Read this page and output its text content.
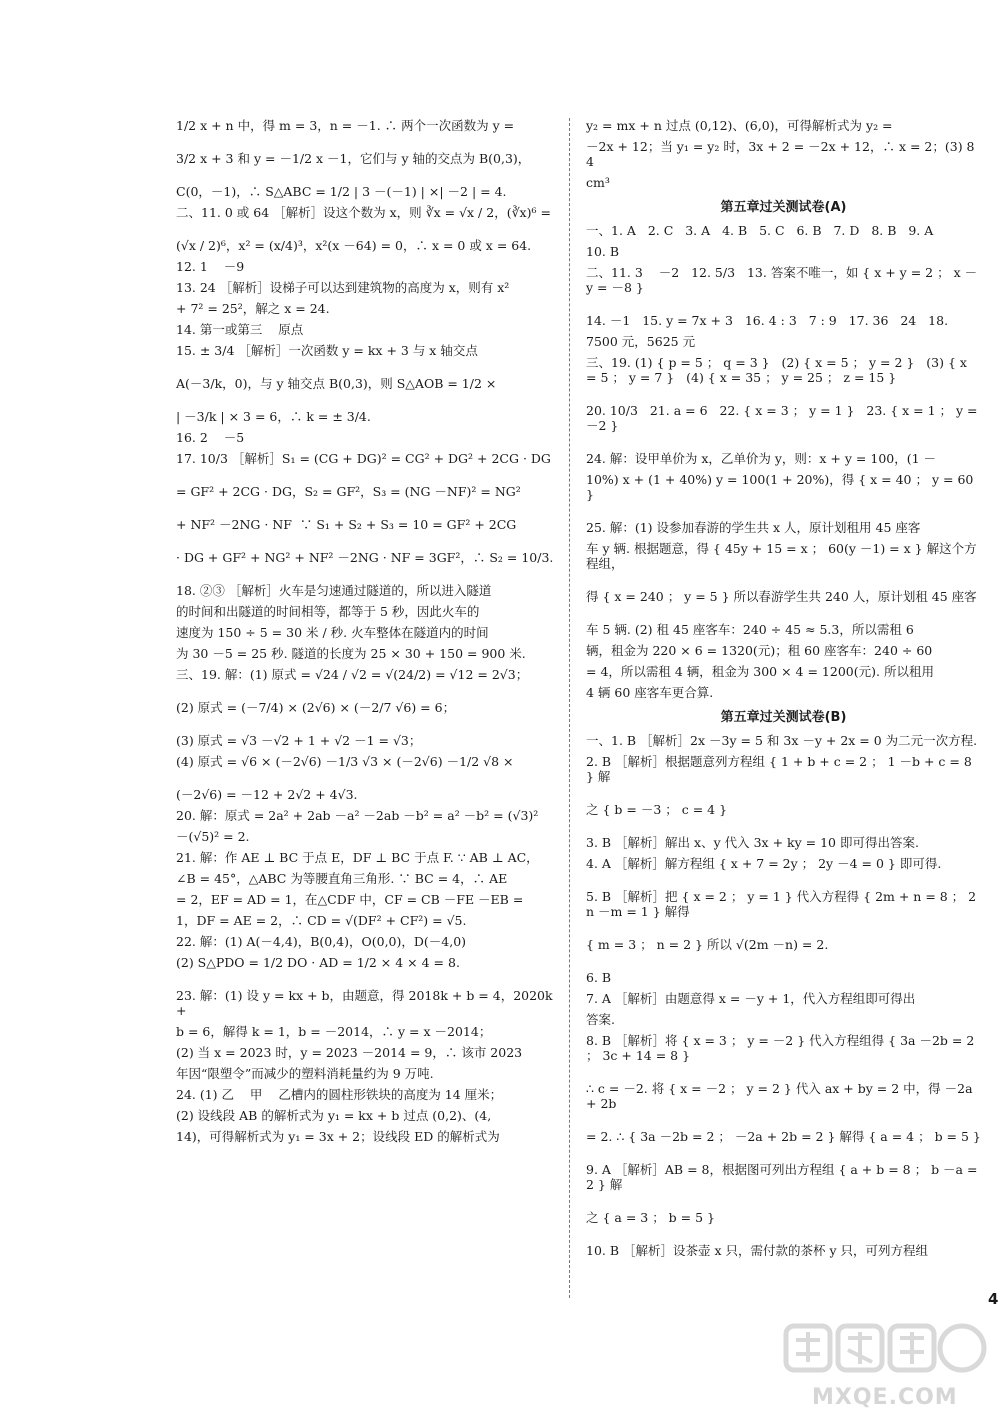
1/2 x + n 中，得 m = 3，n = －1. ∴ 两个一次函数为 y =
3/2 x + 3 和 y = －1/2 x －1，它们与 y 轴的交点为 B(0,3)，
C(0，－1)，∴ S△ABC = 1/2 | 3 －(－1) | ×| －2 | = 4.
二、11. 0 或 64 ［解析］设这个数为 x，则 ∛x = √x / 2，(∛x)⁶ =
(√x / 2)⁶，x² = (x/4)³，x²(x －64) = 0，∴ x = 0 或 x = 64.
12. 1    －9
13. 24 ［解析］设梯子可以达到建筑物的高度为 x，则有 x²
+ 7² = 25²，解之 x = 24.
14. 第一或第三    原点
15. ± 3/4 ［解析］一次函数 y = kx + 3 与 x 轴交点
A(－3/k，0)，与 y 轴交点 B(0,3)，则 S△AOB = 1/2 ×
| －3/k | × 3 = 6，∴ k = ± 3/4.
16. 2    －5
17. 10/3 ［解析］S₁ = (CG + DG)² = CG² + DG² + 2CG · DG
= GF² + 2CG · DG，S₂ = GF²，S₃ = (NG －NF)² = NG²
+ NF² －2NG · NF  ∵ S₁ + S₂ + S₃ = 10 = GF² + 2CG
· DG + GF² + NG² + NF² －2NG · NF = 3GF²，∴ S₂ = 10/3.
18. ②③ ［解析］火车是匀速通过隧道的，所以进入隧道
的时间和出隧道的时间相等，都等于 5 秒，因此火车的
速度为 150 ÷ 5 = 30 米 / 秒. 火车整体在隧道内的时间
为 30 －5 = 25 秒. 隧道的长度为 25 × 30 + 150 = 900 米.
三、19. 解：(1) 原式 = √24 / √2 = √(24/2) = √12 = 2√3；
(2) 原式 = (－7/4) × (2√6) × (－2/7 √6) = 6；
(3) 原式 = √3 －√2 + 1 + √2 －1 = √3；
(4) 原式 = √6 × (－2√6) －1/3 √3 × (－2√6) －1/2 √8 ×
(－2√6) = －12 + 2√2 + 4√3.
20. 解：原式 = 2a² + 2ab －a² －2ab －b² = a² －b² = (√3)²
－(√5)² = 2.
21. 解：作 AE ⊥ BC 于点 E，DF ⊥ BC 于点 F. ∵ AB ⊥ AC，
∠B = 45°，△ABC 为等腰直角三角形. ∵ BC = 4，∴ AE
= 2，EF = AD = 1，在△CDF 中，CF = CB －FE －EB =
1，DF = AE = 2，∴ CD = √(DF² + CF²) = √5.
22. 解：(1) A(－4,4)，B(0,4)，O(0,0)，D(－4,0)
(2) S△PDO = 1/2 DO · AD = 1/2 × 4 × 4 = 8.
23. 解：(1) 设 y = kx + b，由题意，得 2018k + b = 4，2020k +
b = 6，解得 k = 1，b = －2014，∴ y = x －2014；
(2) 当 x = 2023 时，y = 2023 －2014 = 9，∴ 该市 2023
年因“限塑令”而减少的塑料消耗量约为 9 万吨.
24. (1) 乙    甲    乙槽内的圆柱形铁块的高度为 14 厘米；
(2) 设线段 AB 的解析式为 y₁ = kx + b 过点 (0,2)、(4,
14)，可得解析式为 y₁ = 3x + 2；设线段 ED 的解析式为
y₂ = mx + n 过点 (0,12)、(6,0)，可得解析式为 y₂ =
－2x + 12；当 y₁ = y₂ 时，3x + 2 = －2x + 12，∴ x = 2；(3) 84
cm³
第五章过关测试卷(A)
一、1. A   2. C   3. A   4. B   5. C   6. B   7. D   8. B   9. A
10. B
二、11. 3    －2   12. 5/3   13. 答案不唯一，如 { x + y = 2 ； x －y = －8 }
14. －1   15. y = 7x + 3   16. 4 : 3   7 : 9   17. 36   24   18.
7500 元，5625 元
三、19. (1) { p = 5 ； q = 3 }   (2) { x = 5 ； y = 2 }   (3) { x = 5 ； y = 7 }   (4) { x = 35 ； y = 25 ； z = 15 }
20. 10/3   21. a = 6   22. { x = 3 ； y = 1 }   23. { x = 1 ； y = －2 }
24. 解：设甲单价为 x，乙单价为 y，则：x + y = 100，(1 －
10%) x + (1 + 40%) y = 100(1 + 20%)，得 { x = 40 ； y = 60 }
25. 解：(1) 设参加春游的学生共 x 人，原计划租用 45 座客
车 y 辆. 根据题意，得 { 45y + 15 = x ； 60(y －1) = x } 解这个方程组，
得 { x = 240 ； y = 5 } 所以春游学生共 240 人，原计划租 45 座客
车 5 辆. (2) 租 45 座客车：240 ÷ 45 ≈ 5.3，所以需租 6
辆，租金为 220 × 6 = 1320(元)；租 60 座客车：240 ÷ 60
= 4，所以需租 4 辆，租金为 300 × 4 = 1200(元). 所以租用
4 辆 60 座客车更合算.
第五章过关测试卷(B)
一、1. B ［解析］2x －3y = 5 和 3x －y + 2x = 0 为二元一次方程.
2. B ［解析］根据题意列方程组 { 1 + b + c = 2 ； 1 －b + c = 8 } 解
之 { b = －3 ； c = 4 }
3. B ［解析］解出 x、y 代入 3x + ky = 10 即可得出答案.
4. A ［解析］解方程组 { x + 7 = 2y ； 2y －4 = 0 } 即可得.
5. B ［解析］把 { x = 2 ； y = 1 } 代入方程得 { 2m + n = 8 ； 2n －m = 1 } 解得
{ m = 3 ； n = 2 } 所以 √(2m －n) = 2.
6. B
7. A ［解析］由题意得 x = －y + 1，代入方程组即可得出
答案.
8. B ［解析］将 { x = 3 ； y = －2 } 代入方程组得 { 3a －2b = 2 ； 3c + 14 = 8 }
∴ c = －2. 将 { x = －2 ； y = 2 } 代入 ax + by = 2 中，得 －2a + 2b
= 2. ∴ { 3a －2b = 2 ； －2a + 2b = 2 } 解得 { a = 4 ； b = 5 }
9. A ［解析］AB = 8，根据图可列出方程组 { a + b = 8 ； b －a = 2 } 解
之 { a = 3 ； b = 5 }
10. B ［解析］设茶壶 x 只，需付款的茶杯 y 只，可列方程组
4
MXQE.COM
